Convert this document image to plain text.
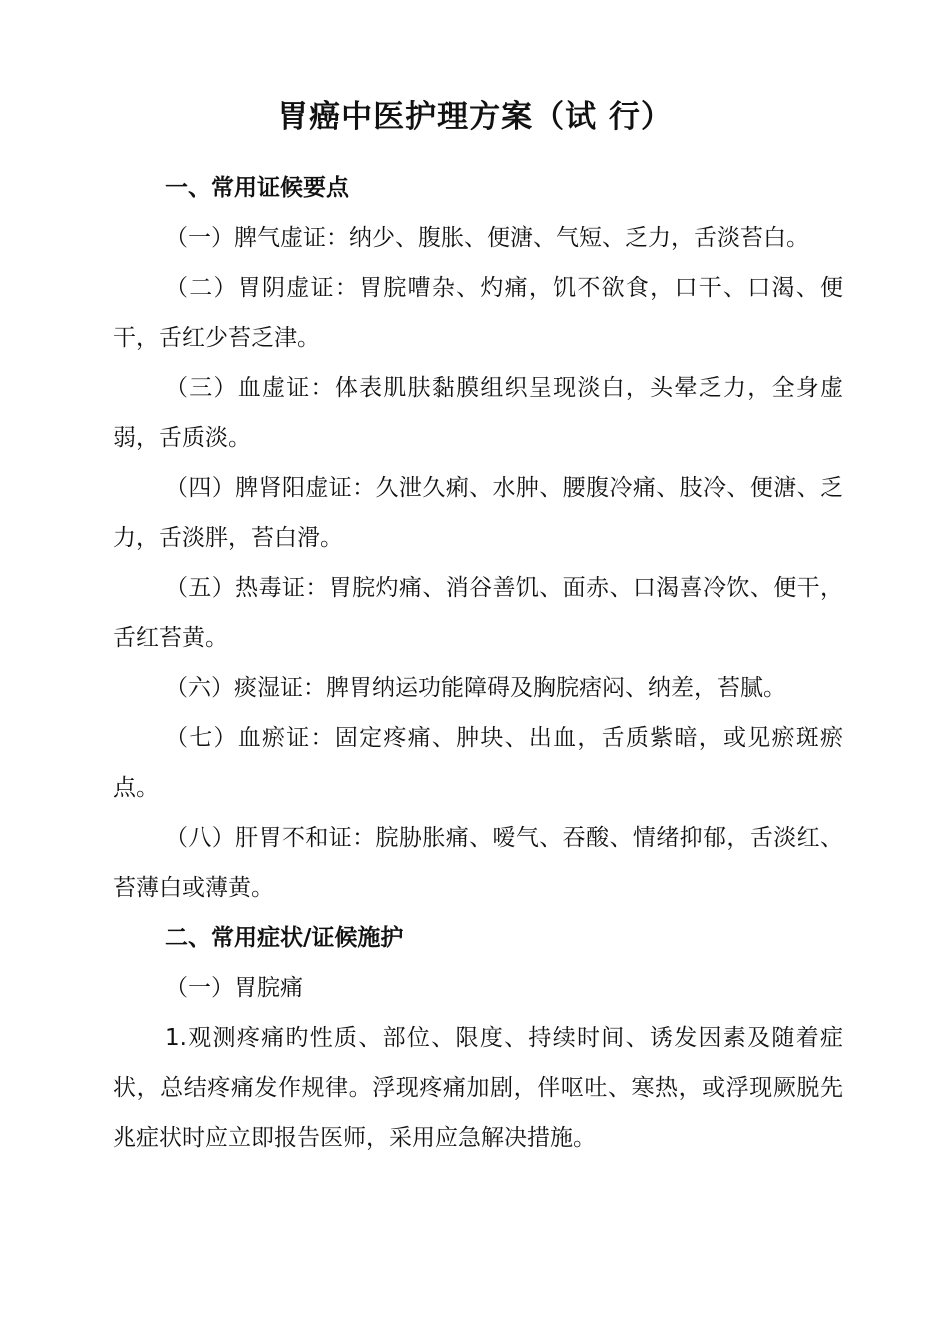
胃癌中医护理方案（试 行）

一、常用证候要点

（一）脾气虚证：纳少、腹胀、便溏、气短、乏力，舌淡苔白。

（二）胃阴虚证：胃脘嘈杂、灼痛，饥不欲食，口干、口渴、便干，舌红少苔乏津。

（三）血虚证：体表肌肤黏膜组织呈现淡白，头晕乏力，全身虚弱，舌质淡。

（四）脾肾阳虚证：久泄久痢、水肿、腰腹冷痛、肢冷、便溏、乏力，舌淡胖，苔白滑。

（五）热毒证：胃脘灼痛、消谷善饥、面赤、口渴喜冷饮、便干，舌红苔黄。

（六）痰湿证：脾胃纳运功能障碍及胸脘痞闷、纳差，苔腻。

（七）血瘀证：固定疼痛、肿块、出血，舌质紫暗，或见瘀斑瘀点。

（八）肝胃不和证：脘胁胀痛、嗳气、吞酸、情绪抑郁，舌淡红、苔薄白或薄黄。

二、常用症状/证候施护

（一）胃脘痛

1.观测疼痛旳性质、部位、限度、持续时间、诱发因素及随着症状，总结疼痛发作规律。浮现疼痛加剧，伴呕吐、寒热，或浮现厥脱先兆症状时应立即报告医师，采用应急解决措施。
